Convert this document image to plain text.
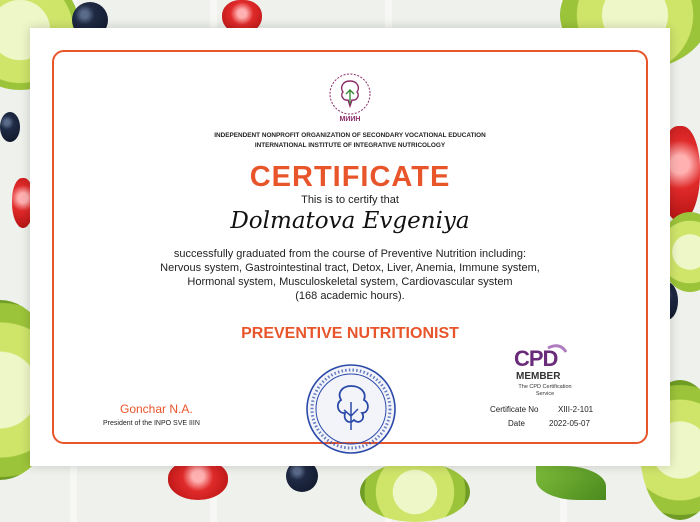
МИИН
INDEPENDENT NONPROFIT ORGANIZATION OF SECONDARY VOCATIONAL EDUCATION
INTERNATIONAL INSTITUTE OF INTEGRATIVE NUTRICOLOGY
CERTIFICATE
This is to certify that
Dolmatova Evgeniya
successfully graduated from the course of Preventive Nutrition including:
Nervous system, Gastrointestinal tract, Detox, Liver, Anemia, Immune system,
Hormonal system, Musculoskeletal system, Cardiovascular system
(168 academic hours).
PREVENTIVE NUTRITIONIST
CPD
MEMBER
The CPD Certification Service
Gonchar N.A.
President of the INPO SVE IIIN
Certificate No XIII-2-101
Date	2022-05-07
